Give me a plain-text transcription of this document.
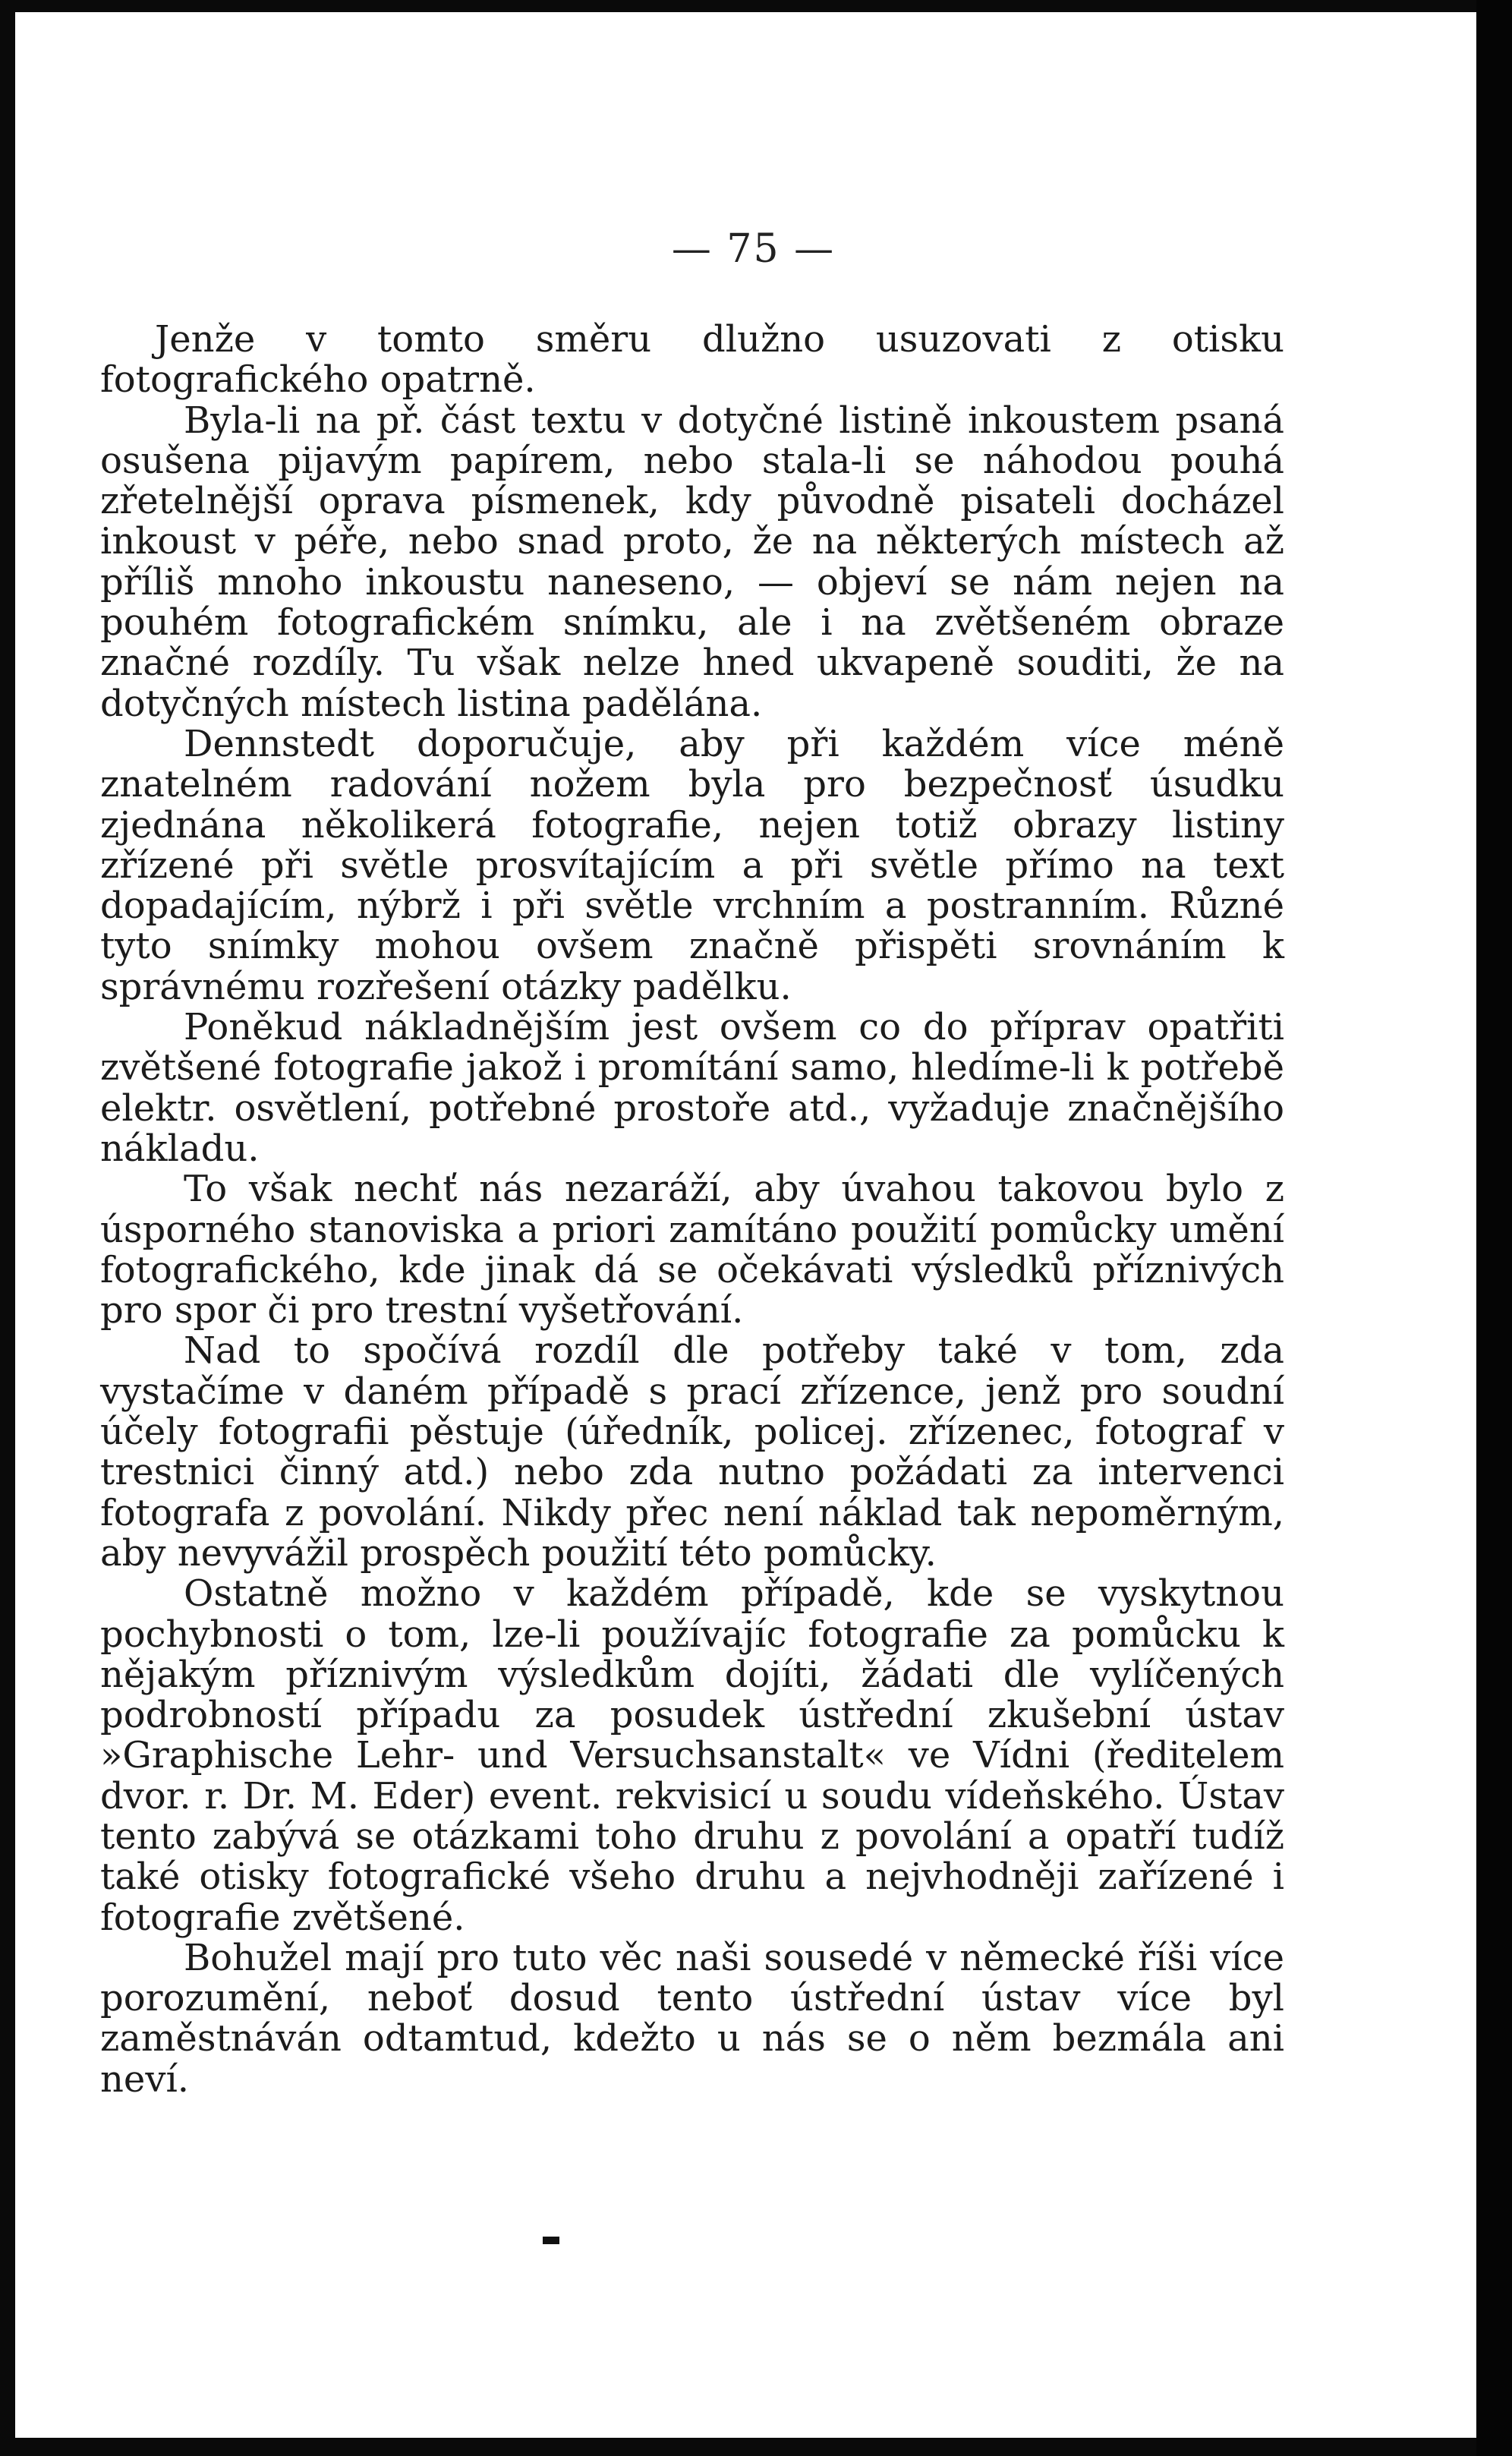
— 75 —

Jenže v tomto směru dlužno usuzovati z otisku fotografického opatrně.

Byla-li na př. část textu v dotyčné listině inkoustem psaná osušena pijavým papírem, nebo stala-li se náhodou pouhá zřetelnější oprava písmenek, kdy původně pisateli docházel inkoust v péře, nebo snad proto, že na některých místech až příliš mnoho inkoustu naneseno, — objeví se nám nejen na pouhém fotografickém snímku, ale i na zvětšeném obraze značné rozdíly. Tu však nelze hned ukvapeně souditi, že na dotyčných místech listina padělána.

Dennstedt doporučuje, aby při každém více méně znatelném radování nožem byla pro bezpečnosť úsudku zjednána několikerá fotografie, nejen totiž obrazy listiny zřízené při světle prosvítajícím a při světle přímo na text dopadajícím, nýbrž i při světle vrchním a postranním. Různé tyto snímky mohou ovšem značně přispěti srovnáním k správnému rozřešení otázky padělku.

Poněkud nákladnějším jest ovšem co do příprav opatřiti zvětšené fotografie jakož i promítání samo, hledíme-li k potřebě elektr. osvětlení, potřebné prostoře atd., vyžaduje značnějšího nákladu.

To však nechť nás nezaráží, aby úvahou takovou bylo z úsporného stanoviska a priori zamítáno použití pomůcky umění fotografického, kde jinak dá se očekávati výsledků příznivých pro spor či pro trestní vyšetřování.

Nad to spočívá rozdíl dle potřeby také v tom, zda vystačíme v daném případě s prací zřízence, jenž pro soudní účely fotografii pěstuje (úředník, policej. zřízenec, fotograf v trestnici činný atd.) nebo zda nutno požádati za intervenci fotografa z povolání. Nikdy přec není náklad tak nepoměrným, aby nevyvážil prospěch použití této pomůcky.

Ostatně možno v každém případě, kde se vyskytnou pochybnosti o tom, lze-li používajíc fotografie za pomůcku k nějakým příznivým výsledkům dojíti, žádati dle vylíčených podrobností případu za posudek ústřední zkušební ústav »Graphische Lehr- und Versuchsanstalt« ve Vídni (ředitelem dvor. r. Dr. M. Eder) event. rekvisicí u soudu vídeňského. Ústav tento zabývá se otázkami toho druhu z povolání a opatří tudíž také otisky fotografické všeho druhu a nejvhodněji zařízené i fotografie zvětšené.

Bohužel mají pro tuto věc naši sousedé v německé říši více porozumění, neboť dosud tento ústřední ústav více byl zaměstnáván odtamtud, kdežto u nás se o něm bezmála ani neví.
